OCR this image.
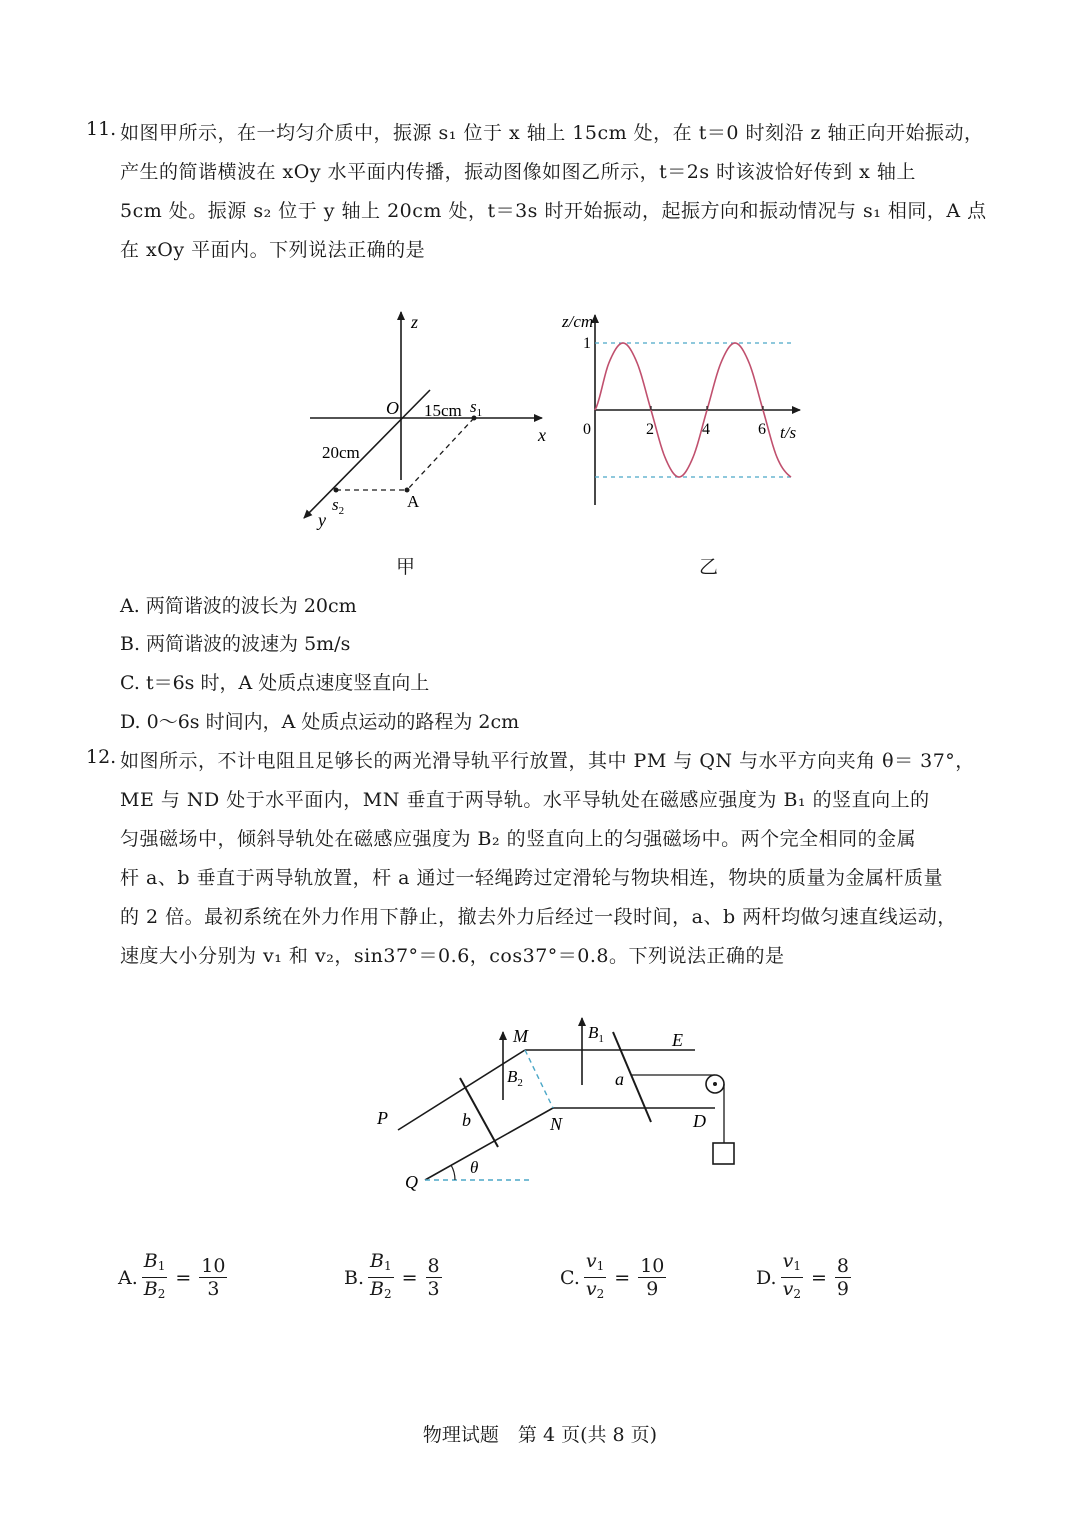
11. 如图甲所示，在一均匀介质中，振源 s₁ 位于 x 轴上 15cm 处，在 t＝0 时刻沿 z 轴正向开始振动，
产生的简谐横波在 xOy 水平面内传播，振动图像如图乙所示，t＝2s 时该波恰好传到 x 轴上
5cm 处。振源 s₂ 位于 y 轴上 20cm 处，t＝3s 时开始振动，起振方向和振动情况与 s₁ 相同，A 点
在 xOy 平面内。下列说法正确的是
z
O 15cm $s_1$
x
20cm
$s_2$	A
y
甲
0	2	4	6
1
z/cm
t/s
乙
A. 两简谐波的波长为 20cm
B. 两简谐波的波速为 5m/s
C. t＝6s 时，A 处质点速度竖直向上
D. 0～6s 时间内，A 处质点运动的路程为 2cm
12. 如图所示，不计电阻且足够长的两光滑导轨平行放置，其中 PM 与 QN 与水平方向夹角 θ＝ 37°，
ME 与 ND 处于水平面内，MN 垂直于两导轨。水平导轨处在磁感应强度为 B₁ 的竖直向上的
匀强磁场中，倾斜导轨处在磁感应强度为 B₂ 的竖直向上的匀强磁场中。两个完全相同的金属
杆 a、b 垂直于两导轨放置，杆 a 通过一轻绳跨过定滑轮与物块相连，物块的质量为金属杆质量
的 2 倍。最初系统在外力作用下静止，撤去外力后经过一段时间，a、b 两杆均做匀速直线运动，
速度大小分别为 v₁ 和 v₂，sin37°＝0.6，cos37°＝0.8。下列说法正确的是
M	$B_1$	E
$B_2$	a
P	b	N	D
θ
Q
A. $\frac{B_1}{B_2} = \frac{10}{3}$	B. $\frac{B_1}{B_2} = \frac{8}{3}$	C. $\frac{v_1}{v_2} = \frac{10}{9}$	D. $\frac{v_1}{v_2} = \frac{8}{9}$
物理试题　第 4 页(共 8 页)
